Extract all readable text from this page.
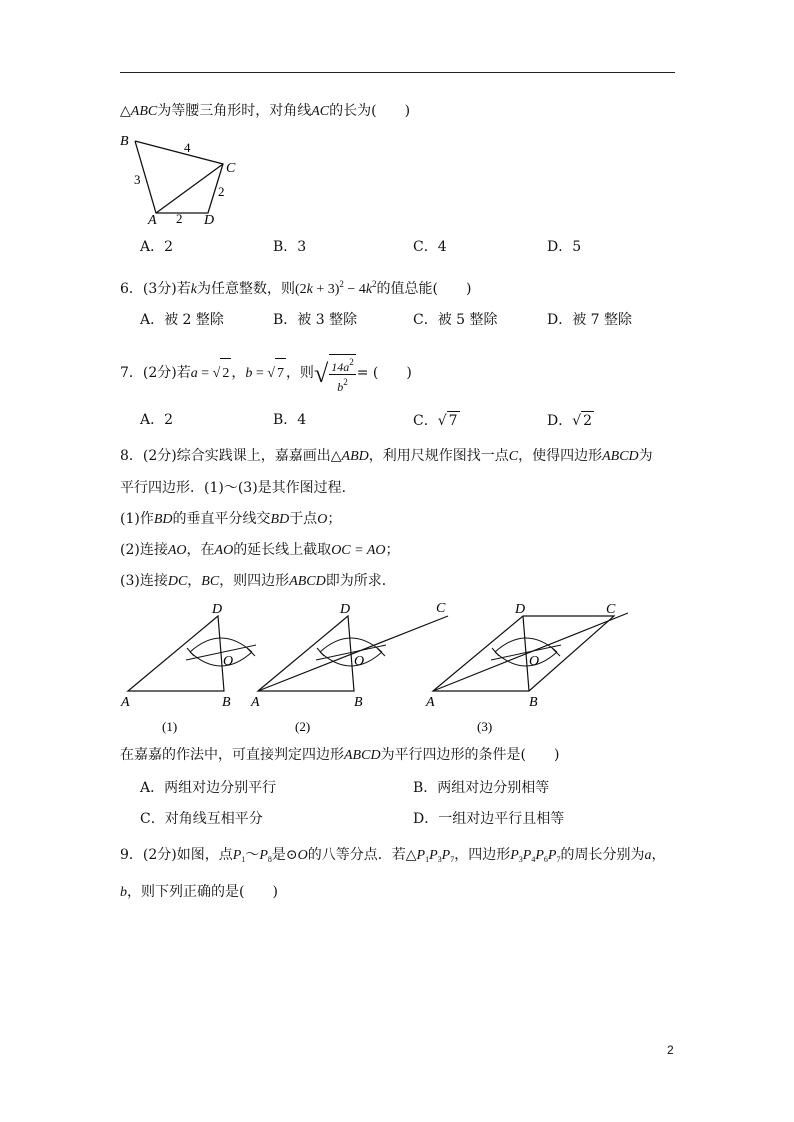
△ABC为等腰三角形时，对角线AC的长为(　　)
B
C
A	D
4
3
2
2
A．2	B．3	C．4	D．5
6．(3分)若k为任意整数，则$(2k + 3)^2 - 4k^2$的值总能(　　)
A．被 2 整除	B．被 3 整除	C．被 5 整除	D．被 7 整除
7．(2分)若a = √ 2 ，b = √ 7 ，则√ $\frac{14a^2}{b^2}$ = (　　)
A．2	B．4	C．√ 7	D．√ 2
8．(2分)综合实践课上，嘉嘉画出△ABD，利用尺规作图找一点C，使得四边形ABCD为
平行四边形．(1)～(3)是其作图过程．
(1)作BD的垂直平分线交BD于点O；
(2)连接AO，在AO的延长线上截取OC = AO；
(3)连接DC，BC，则四边形ABCD即为所求．
D
A	B
O
D
A	B
O
C	D
A	B
O
C
(1)	(2)	(3)
在嘉嘉的作法中，可直接判定四边形ABCD为平行四边形的条件是(　　)
A．两组对边分别平行	B．两组对边分别相等
C．对角线互相平分	D．一组对边平行且相等
9．(2分)如图，点$P_1\sim P_8$是⊙O的八等分点．若$\triangle P_1P_3P_7$，四边形$P_3P_4P_6P_7$的周长分别为a，
b，则下列正确的是(　　)
2
